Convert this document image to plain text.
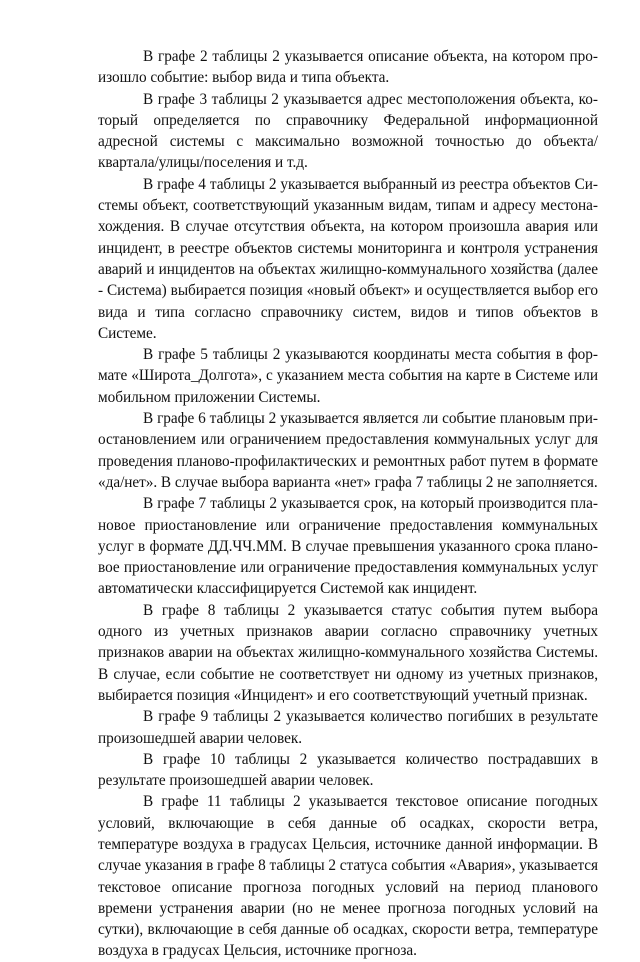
В графе 2 таблицы 2 указывается описание объекта, на котором произошло событие: выбор вида и типа объекта.

В графе 3 таблицы 2 указывается адрес местоположения объекта, который определяется по справочнику Федеральной информационной адресной системы с максимально возможной точностью до объекта/квартала/улицы/поселения и т.д.

В графе 4 таблицы 2 указывается выбранный из реестра объектов Системы объект, соответствующий указанным видам, типам и адресу местонахождения. В случае отсутствия объекта, на котором произошла авария или инцидент, в реестре объектов системы мониторинга и контроля устранения аварий и инцидентов на объектах жилищно-коммунального хозяйства (далее - Система) выбирается позиция «новый объект» и осуществляется выбор его вида и типа согласно справочнику систем, видов и типов объектов в Системе.

В графе 5 таблицы 2 указываются координаты места события в формате «Широта_Долгота», с указанием места события на карте в Системе или мобильном приложении Системы.

В графе 6 таблицы 2 указывается является ли событие плановым приостановлением или ограничением предоставления коммунальных услуг для проведения планово-профилактических и ремонтных работ путем в формате «да/нет». В случае выбора варианта «нет» графа 7 таблицы 2 не заполняется.

В графе 7 таблицы 2 указывается срок, на который производится плановое приостановление или ограничение предоставления коммунальных услуг в формате ДД.ЧЧ.ММ. В случае превышения указанного срока плановое приостановление или ограничение предоставления коммунальных услуг автоматически классифицируется Системой как инцидент.

В графе 8 таблицы 2 указывается статус события путем выбора одного из учетных признаков аварии согласно справочнику учетных признаков аварии на объектах жилищно-коммунального хозяйства Системы. В случае, если событие не соответствует ни одному из учетных признаков, выбирается позиция «Инцидент» и его соответствующий учетный признак.

В графе 9 таблицы 2 указывается количество погибших в результате произошедшей аварии человек.

В графе 10 таблицы 2 указывается количество пострадавших в результате произошедшей аварии человек.

В графе 11 таблицы 2 указывается текстовое описание погодных условий, включающие в себя данные об осадках, скорости ветра, температуре воздуха в градусах Цельсия, источнике данной информации. В случае указания в графе 8 таблицы 2 статуса события «Авария», указывается текстовое описание прогноза погодных условий на период планового времени устранения аварии (но не менее прогноза погодных условий на сутки), включающие в себя данные об осадках, скорости ветра, температуре воздуха в градусах Цельсия, источнике прогноза.
